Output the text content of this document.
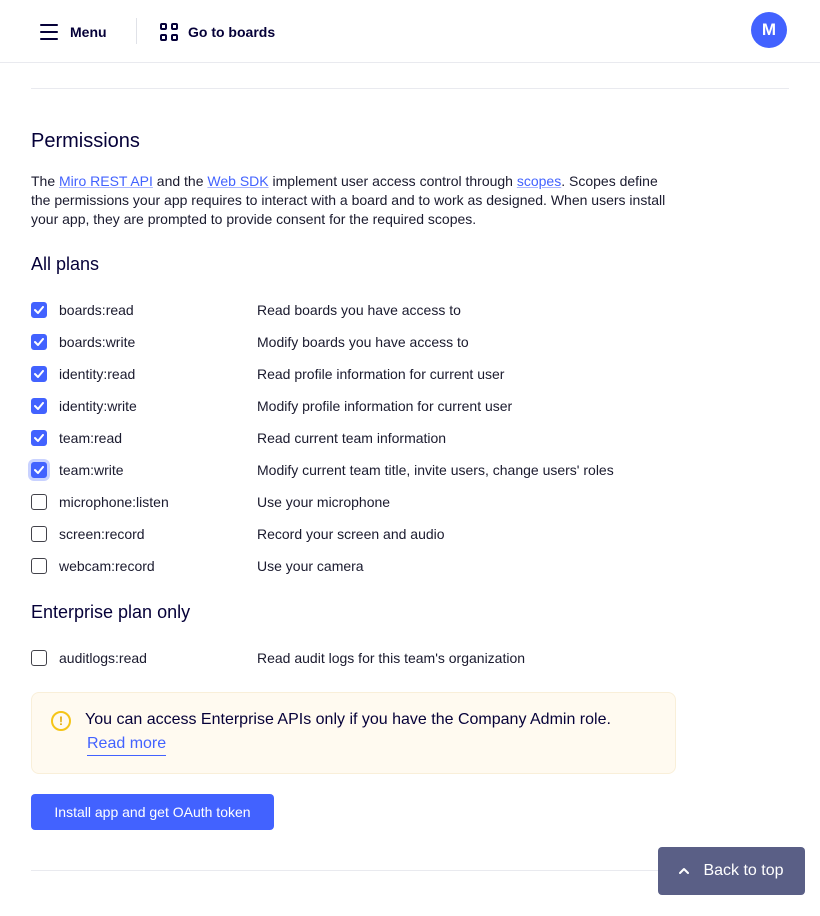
Menu	Go to boards	M
Permissions

The Miro REST API and the Web SDK implement user access control through scopes. Scopes define the permissions your app requires to interact with a board and to work as designed. When users install your app, they are prompted to provide consent for the required scopes.

All plans
boards:read	Read boards you have access to
boards:write	Modify boards you have access to
identity:read	Read profile information for current user
identity:write	Modify profile information for current user
team:read	Read current team information
team:write	Modify current team title, invite users, change users' roles
microphone:listen	Use your microphone
screen:record	Record your screen and audio
webcam:record	Use your camera
Enterprise plan only
auditlogs:read	Read audit logs for this team's organization
!	You can access Enterprise APIs only if you have the Company Admin role.
Read more
Install app and get OAuth token
Back to top
